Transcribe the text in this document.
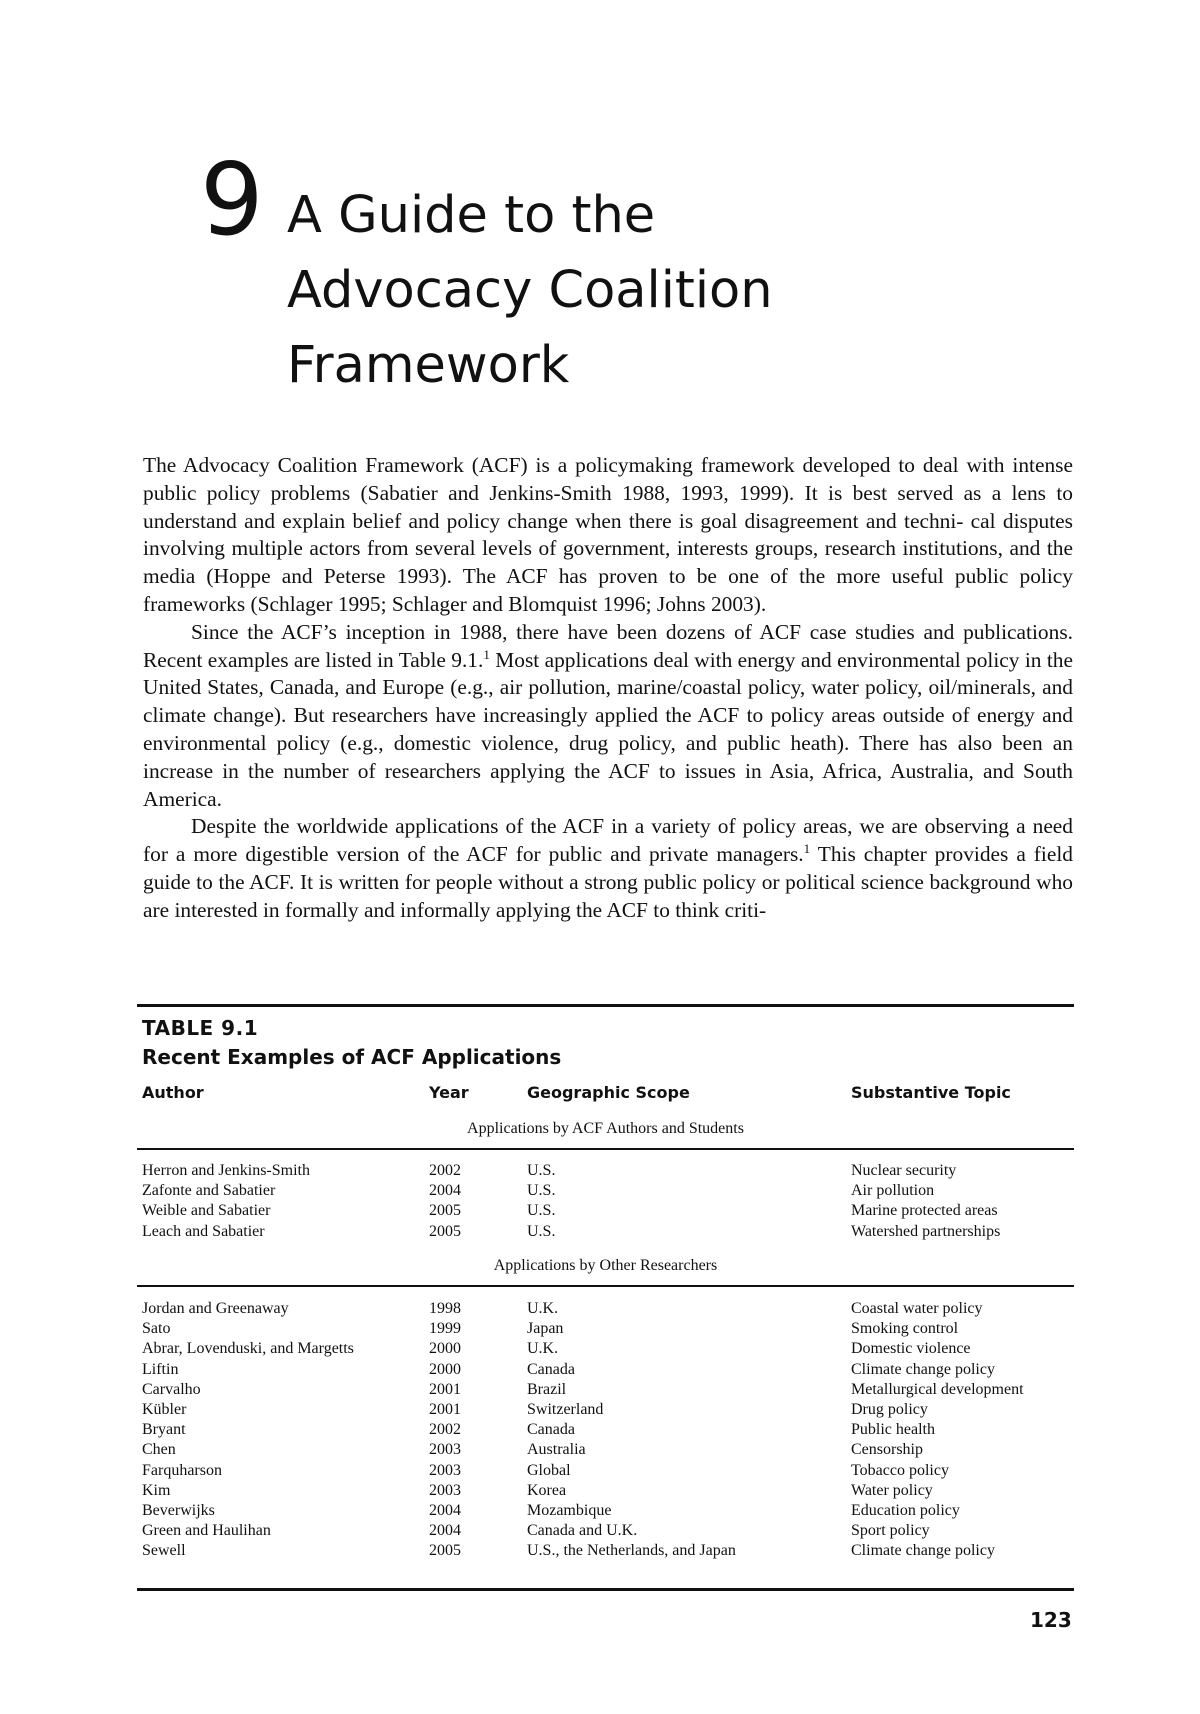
9 A Guide to the Advocacy Coalition Framework

The Advocacy Coalition Framework (ACF) is a policymaking framework developed to deal with intense public policy problems (Sabatier and Jenkins-Smith 1988, 1993, 1999). It is best served as a lens to understand and explain belief and policy change when there is goal disagreement and techni- cal disputes involving multiple actors from several levels of government, interests groups, research institutions, and the media (Hoppe and Peterse 1993). The ACF has proven to be one of the more useful public policy frameworks (Schlager 1995; Schlager and Blomquist 1996; Johns 2003).

Since the ACF’s inception in 1988, there have been dozens of ACF case studies and publications. Recent examples are listed in Table 9.1.$^1$ Most applications deal with energy and environmental policy in the United States, Canada, and Europe (e.g., air pollution, marine/coastal policy, water policy, oil/minerals, and climate change). But researchers have increasingly applied the ACF to policy areas outside of energy and environmental policy (e.g., domestic violence, drug policy, and public heath). There has also been an increase in the number of researchers applying the ACF to issues in Asia, Africa, Australia, and South America.

Despite the worldwide applications of the ACF in a variety of policy areas, we are observing a need for a more digestible version of the ACF for public and private managers.$^1$ This chapter provides a field guide to the ACF. It is written for people without a strong public policy or political science background who are interested in formally and informally applying the ACF to think criti-

TABLE 9.1
Recent Examples of ACF Applications
Author	Year	Geographic Scope	Substantive Topic
Applications by ACF Authors and Students
Herron and Jenkins-Smith	2002	U.S.	Nuclear security
Zafonte and Sabatier	2004	U.S.	Air pollution
Weible and Sabatier	2005	U.S.	Marine protected areas
Leach and Sabatier	2005	U.S.	Watershed partnerships
Applications by Other Researchers
Jordan and Greenaway	1998	U.K.	Coastal water policy
Sato	1999	Japan	Smoking control
Abrar, Lovenduski, and Margetts	2000	U.K.	Domestic violence
Liftin	2000	Canada	Climate change policy
Carvalho	2001	Brazil	Metallurgical development
Kübler	2001	Switzerland	Drug policy
Bryant	2002	Canada	Public health
Chen	2003	Australia	Censorship
Farquharson	2003	Global	Tobacco policy
Kim	2003	Korea	Water policy
Beverwijks	2004	Mozambique	Education policy
Green and Haulihan	2004	Canada and U.K.	Sport policy
Sewell	2005	U.S., the Netherlands, and Japan	Climate change policy
123
